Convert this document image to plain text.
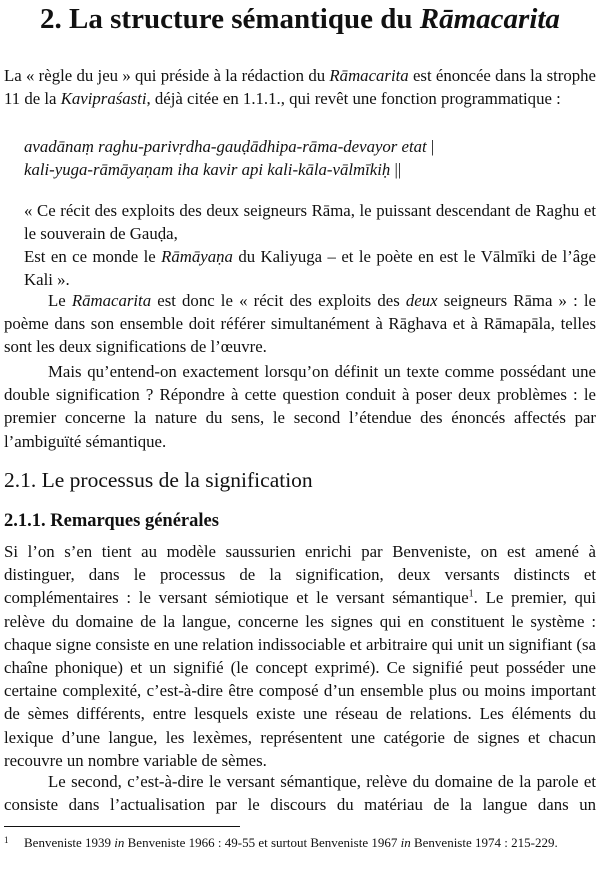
2. La structure sémantique du Rāmacarita

La « règle du jeu » qui préside à la rédaction du Rāmacarita est énoncée dans la strophe 11 de la Kavipraśasti, déjà citée en 1.1.1., qui revêt une fonction programmatique :

avadānaṃ raghu-parivṛdha-gauḍādhipa-rāma-devayor etat |
kali-yuga-rāmāyaṇam iha kavir api kali-kāla-vālmīkiḥ ||

« Ce récit des exploits des deux seigneurs Rāma, le puissant descendant de Raghu et le souverain de Gauḍa,
Est en ce monde le Rāmāyaṇa du Kaliyuga – et le poète en est le Vālmīki de l’âge Kali ».

Le Rāmacarita est donc le « récit des exploits des deux seigneurs Rāma » : le poème dans son ensemble doit référer simultanément à Rāghava et à Rāmapāla, telles sont les deux significations de l’œuvre.

Mais qu’entend-on exactement lorsqu’on définit un texte comme possédant une double signification ? Répondre à cette question conduit à poser deux problèmes : le premier concerne la nature du sens, le second l’étendue des énoncés affectés par l’ambiguïté sémantique.

2.1. Le processus de la signification
2.1.1. Remarques générales

Si l’on s’en tient au modèle saussurien enrichi par Benveniste, on est amené à distinguer, dans le processus de la signification, deux versants distincts et complémentaires : le versant sémiotique et le versant sémantique$^1$. Le premier, qui relève du domaine de la langue, concerne les signes qui en constituent le système : chaque signe consiste en une relation indissociable et arbitraire qui unit un signifiant (sa chaîne phonique) et un signifié (le concept exprimé). Ce signifié peut posséder une certaine complexité, c’est-à-dire être composé d’un ensemble plus ou moins important de sèmes différents, entre lesquels existe une réseau de relations. Les éléments du lexique d’une langue, les lexèmes, représentent une catégorie de signes et chacun recouvre un nombre variable de sèmes.

Le second, c’est-à-dire le versant sémantique, relève du domaine de la parole et consiste dans l’actualisation par le discours du matériau de la langue dans un

1	Benveniste 1939 in Benveniste 1966 : 49-55 et surtout Benveniste 1967 in Benveniste 1974 : 215-229.
